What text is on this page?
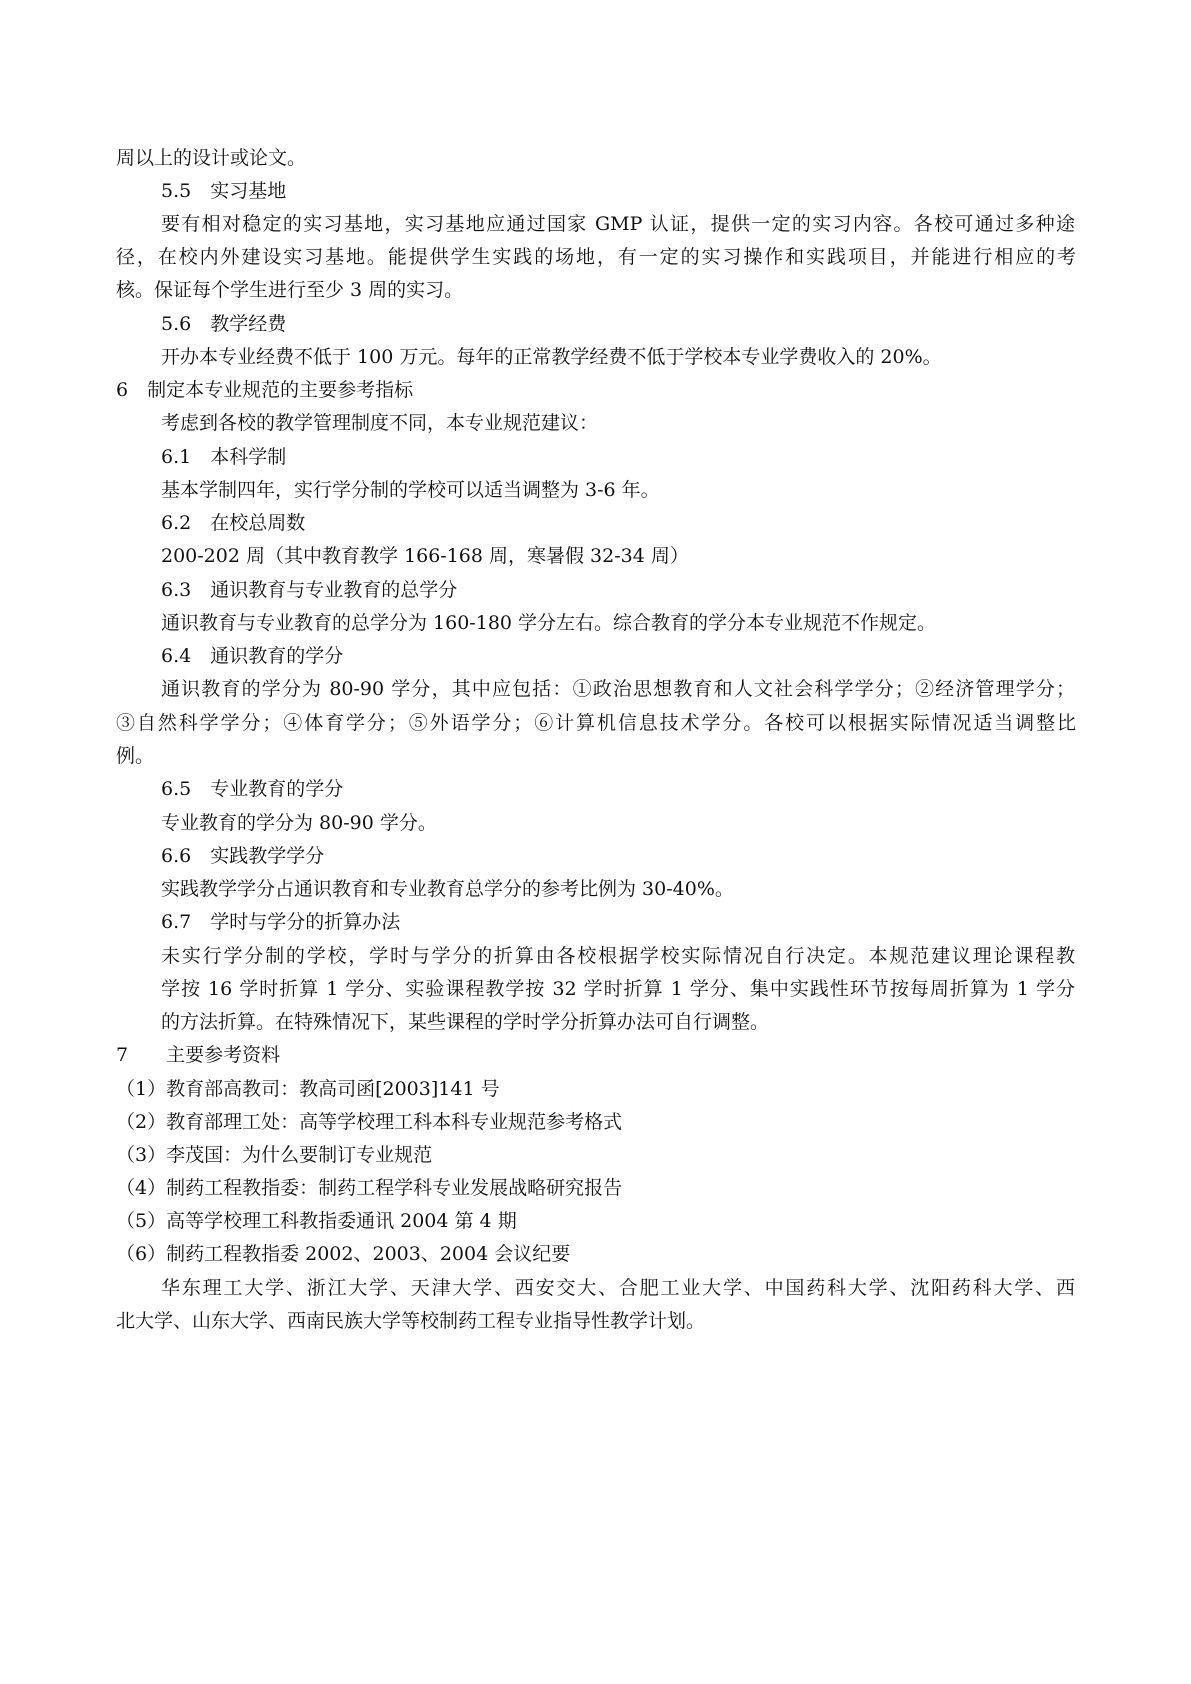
周以上的设计或论文。
5.5　实习基地
要有相对稳定的实习基地，实习基地应通过国家 GMP 认证，提供一定的实习内容。各校可通过多种途
径，在校内外建设实习基地。能提供学生实践的场地，有一定的实习操作和实践项目，并能进行相应的考
核。保证每个学生进行至少 3 周的实习。
5.6　教学经费
开办本专业经费不低于 100 万元。每年的正常教学经费不低于学校本专业学费收入的 20%。
6　制定本专业规范的主要参考指标
考虑到各校的教学管理制度不同，本专业规范建议：
6.1　本科学制
基本学制四年，实行学分制的学校可以适当调整为 3-6 年。
6.2　在校总周数
200-202 周（其中教育教学 166-168 周，寒暑假 32-34 周）
6.3　通识教育与专业教育的总学分
通识教育与专业教育的总学分为 160-180 学分左右。综合教育的学分本专业规范不作规定。
6.4　通识教育的学分
通识教育的学分为 80-90 学分，其中应包括：①政治思想教育和人文社会科学学分；②经济管理学分；
③自然科学学分；④体育学分；⑤外语学分；⑥计算机信息技术学分。各校可以根据实际情况适当调整比
例。
6.5　专业教育的学分
专业教育的学分为 80-90 学分。
6.6　实践教学学分
实践教学学分占通识教育和专业教育总学分的参考比例为 30-40%。
6.7　学时与学分的折算办法
未实行学分制的学校，学时与学分的折算由各校根据学校实际情况自行决定。本规范建议理论课程教
学按 16 学时折算 1 学分、实验课程教学按 32 学时折算 1 学分、集中实践性环节按每周折算为 1 学分
的方法折算。在特殊情况下，某些课程的学时学分折算办法可自行调整。
7　　主要参考资料
（1）教育部高教司：教高司函[2003]141 号
（2）教育部理工处：高等学校理工科本科专业规范参考格式
（3）李茂国：为什么要制订专业规范
（4）制药工程教指委：制药工程学科专业发展战略研究报告
（5）高等学校理工科教指委通讯 2004 第 4 期
（6）制药工程教指委 2002、2003、2004 会议纪要
华东理工大学、浙江大学、天津大学、西安交大、合肥工业大学、中国药科大学、沈阳药科大学、西
北大学、山东大学、西南民族大学等校制药工程专业指导性教学计划。
